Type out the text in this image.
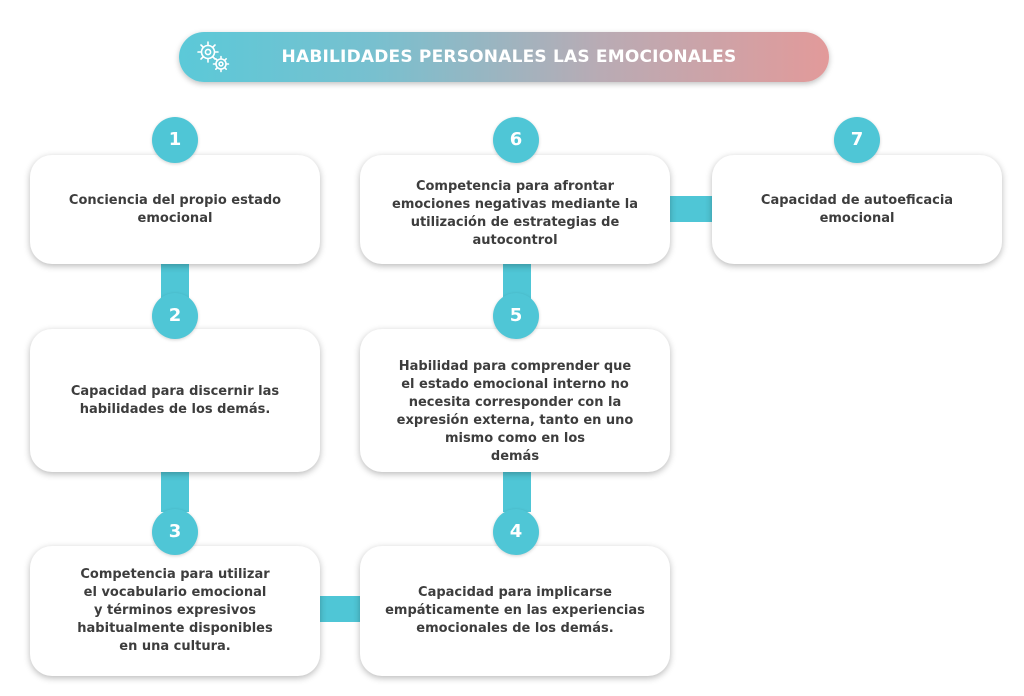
HABILIDADES PERSONALES LAS EMOCIONALES
Conciencia del propio estado
emocional
1
Capacidad para discernir las
habilidades de los demás.
2
Competencia para utilizar
el vocabulario emocional
y términos expresivos
habitualmente disponibles
en una cultura.
3
Capacidad para implicarse
empáticamente en las experiencias
emocionales de los demás.
4
Habilidad para comprender que
el estado emocional interno no
necesita corresponder con la
expresión externa, tanto en uno
mismo como en los
demás
5
Competencia para afrontar
emociones negativas mediante la
utilización de estrategias de
autocontrol
6
Capacidad de autoeficacia
emocional
7
